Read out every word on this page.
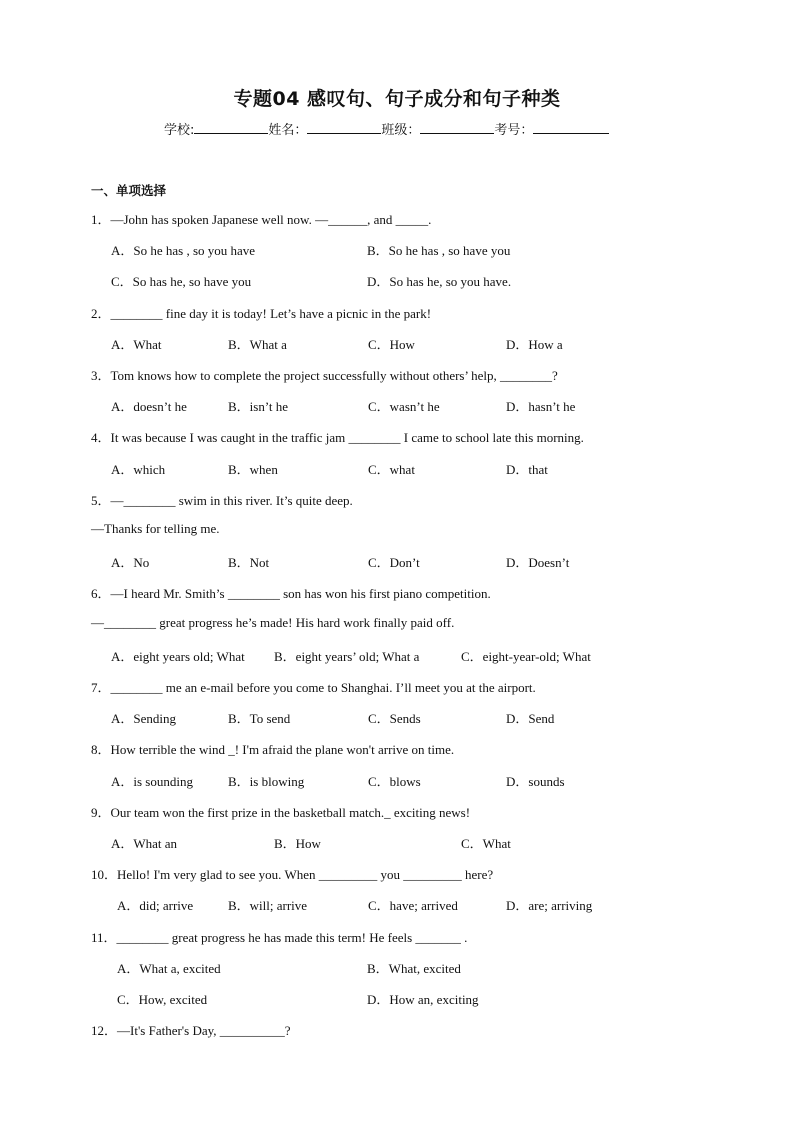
专题04 感叹句、句子成分和句子种类
学校:	姓名：	班级：	考号：
一、单项选择
1．—John has spoken Japanese well now. —______, and _____.
A．So he has , so you have	B．So he has , so have you
C．So has he, so have you	D．So has he, so you have.
2．________ fine day it is today! Let’s have a picnic in the park!
A．What	B．What a	C．How	D．How a
3．Tom knows how to complete the project successfully without others’ help, ________?
A．doesn’t he	B．isn’t he	C．wasn’t he	D．hasn’t he
4．It was because I was caught in the traffic jam ________ I came to school late this morning.
A．which	B．when	C．what	D．that
5．—________ swim in this river. It’s quite deep.
—Thanks for telling me.
A．No	B．Not	C．Don’t	D．Doesn’t
6．—I heard Mr. Smith’s ________ son has won his first piano competition.
—________ great progress he’s made! His hard work finally paid off.
A．eight years old; What B．eight years’ old; What a	C．eight-year-old; What
7．________ me an e-mail before you come to Shanghai. I’ll meet you at the airport.
A．Sending	B．To send	C．Sends	D．Send
8．How terrible the wind _! I'm afraid the plane won't arrive on time.
A．is sounding	B．is blowing	C．blows	D．sounds
9．Our team won the first prize in the basketball match._ exciting news!
A．What an	B．How	C．What
10．Hello! I'm very glad to see you. When _________ you _________ here?
A．did; arrive	B．will; arrive	C．have; arrived	D．are; arriving
11．________ great progress he has made this term! He feels _______ .
A．What a, excited	B．What, excited
C．How, excited	D．How an, exciting
12．—It's Father's Day, __________?
